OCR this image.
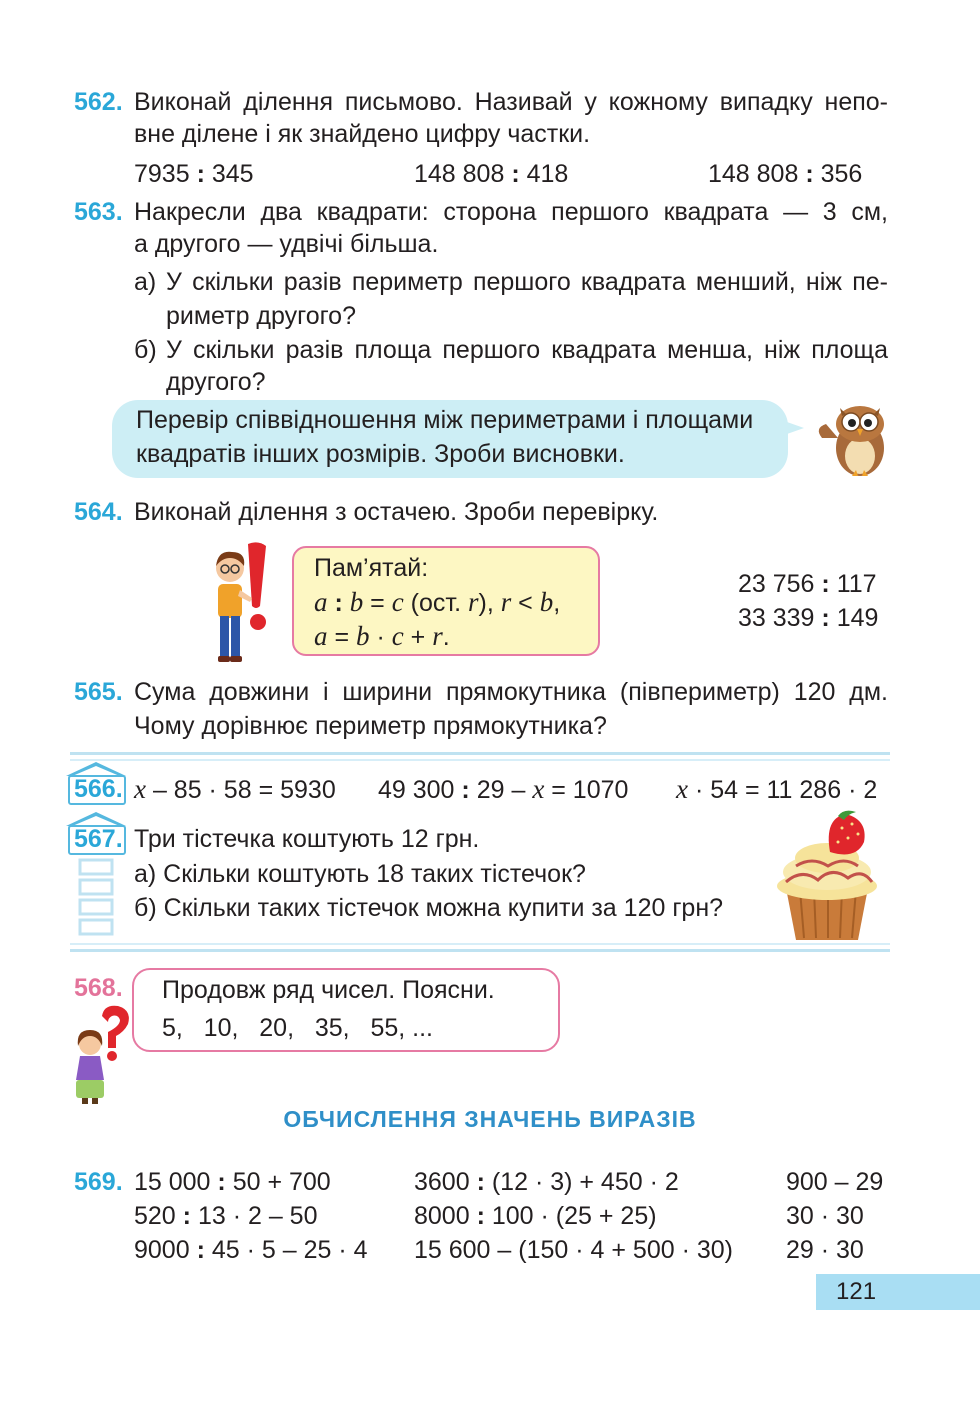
562. Виконай ділення письмово. Називай у кожному випадку непо-
вне ділене і як знайдено цифру частки.
7935 : 345	148 808 : 418	148 808 : 356
563. Накресли два квадрати: сторона першого квадрата — 3 см,
а другого — удвічі більша.
а) У скільки разів периметр першого квадрата менший, ніж пе-
риметр другого?
б) У скільки разів площа першого квадрата менша, ніж площа
другого?
Перевір співвідношення між периметрами і площами
квадратів інших розмірів. Зроби висновки.
564. Виконай ділення з остачею. Зроби перевірку.
Пам’ятай:
a : b = c (ост. r), r < b,
a = b · c + r.
23 756 : 117
33 339 : 149
565. Сума довжини і ширини прямокутника (півпериметр) 120 дм.
Чому дорівнює периметр прямокутника?
566. x – 85 · 58 = 5930 49 300 : 29 – x = 1070 x · 54 = 11 286 · 2
567. Три тістечка коштують 12 грн.
а) Скільки коштують 18 таких тістечок?
б) Скільки таких тістечок можна купити за 120 грн?
568. Продовж ряд чисел. Поясни.
5,   10,   20,   35,   55, ...
ОБЧИСЛЕННЯ ЗНАЧЕНЬ ВИРАЗІВ
569. 15 000 : 50 + 700
520 : 13 · 2 – 50
9000 : 45 · 5 – 25 · 4
3600 : (12 · 3) + 450 · 2
8000 : 100 · (25 + 25)
15 600 – (150 · 4 + 500 · 30)
900 – 29
30 · 30
29 · 30
121
